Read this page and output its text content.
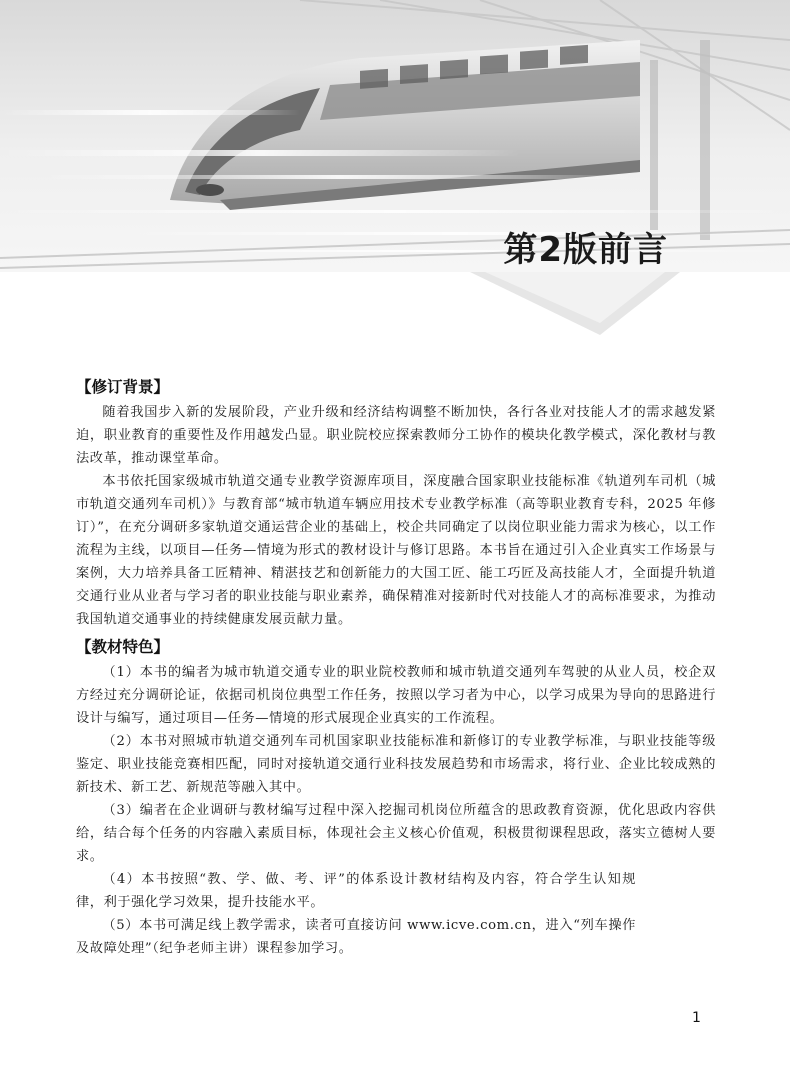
第2版前言
【修订背景】

随着我国步入新的发展阶段，产业升级和经济结构调整不断加快，各行各业对技能人才的需求越发紧迫，职业教育的重要性及作用越发凸显。职业院校应探索教师分工协作的模块化教学模式，深化教材与教法改革，推动课堂革命。

本书依托国家级城市轨道交通专业教学资源库项目，深度融合国家职业技能标准《轨道列车司机（城市轨道交通列车司机）》与教育部“城市轨道车辆应用技术专业教学标准（高等职业教育专科，2025 年修订）”，在充分调研多家轨道交通运营企业的基础上，校企共同确定了以岗位职业能力需求为核心，以工作流程为主线，以项目—任务—情境为形式的教材设计与修订思路。本书旨在通过引入企业真实工作场景与案例，大力培养具备工匠精神、精湛技艺和创新能力的大国工匠、能工巧匠及高技能人才，全面提升轨道交通行业从业者与学习者的职业技能与职业素养，确保精准对接新时代对技能人才的高标准要求，为推动我国轨道交通事业的持续健康发展贡献力量。

【教材特色】

（1）本书的编者为城市轨道交通专业的职业院校教师和城市轨道交通列车驾驶的从业人员，校企双方经过充分调研论证，依据司机岗位典型工作任务，按照以学习者为中心，以学习成果为导向的思路进行设计与编写，通过项目—任务—情境的形式展现企业真实的工作流程。

（2）本书对照城市轨道交通列车司机国家职业技能标准和新修订的专业教学标准，与职业技能等级鉴定、职业技能竞赛相匹配，同时对接轨道交通行业科技发展趋势和市场需求，将行业、企业比较成熟的新技术、新工艺、新规范等融入其中。

（3）编者在企业调研与教材编写过程中深入挖掘司机岗位所蕴含的思政教育资源，优化思政内容供给，结合每个任务的内容融入素质目标，体现社会主义核心价值观，积极贯彻课程思政，落实立德树人要求。

（4）本书按照“教、学、做、考、评”的体系设计教材结构及内容，符合学生认知规律，利于强化学习效果，提升技能水平。

（5）本书可满足线上教学需求，读者可直接访问 www.icve.com.cn，进入“列车操作及故障处理”（纪争老师主讲）课程参加学习。

1
